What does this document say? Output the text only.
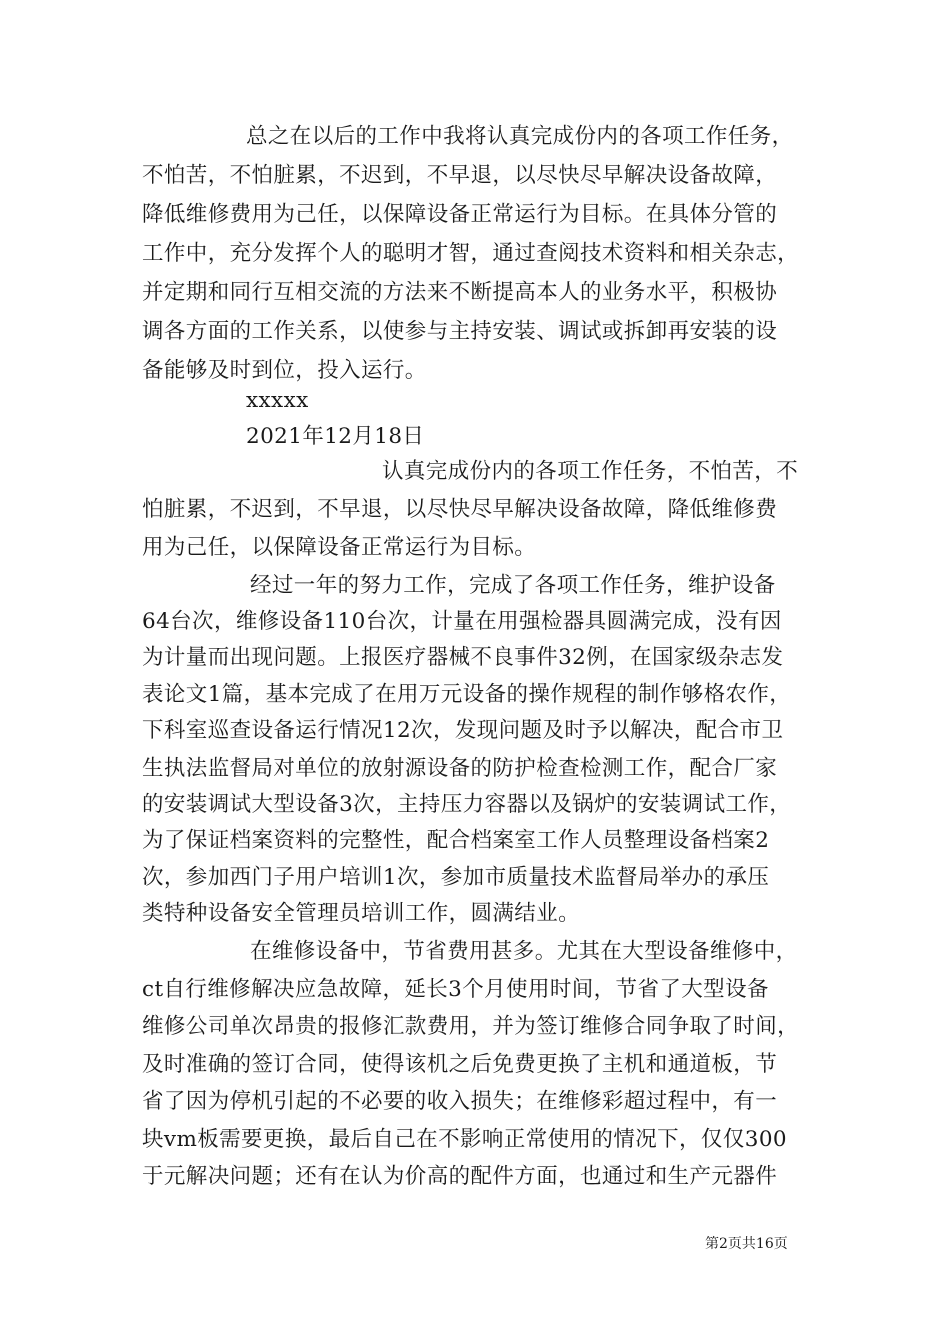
总之在以后的工作中我将认真完成份内的各项工作任务，
不怕苦，不怕脏累，不迟到，不早退，以尽快尽早解决设备故障，
降低维修费用为己任，以保障设备正常运行为目标。在具体分管的
工作中，充分发挥个人的聪明才智，通过查阅技术资料和相关杂志，
并定期和同行互相交流的方法来不断提高本人的业务水平，积极协
调各方面的工作关系，以使参与主持安装、调试或拆卸再安装的设
备能够及时到位，投入运行。
xxxxx
2021年12月18日
认真完成份内的各项工作任务，不怕苦，不
怕脏累，不迟到，不早退，以尽快尽早解决设备故障，降低维修费
用为己任，以保障设备正常运行为目标。
经过一年的努力工作，完成了各项工作任务，维护设备
64台次，维修设备110台次，计量在用强检器具圆满完成，没有因
为计量而出现问题。上报医疗器械不良事件32例，在国家级杂志发
表论文1篇，基本完成了在用万元设备的操作规程的制作够格农作，
下科室巡查设备运行情况12次，发现问题及时予以解决，配合市卫
生执法监督局对单位的放射源设备的防护检查检测工作，配合厂家
的安装调试大型设备3次，主持压力容器以及锅炉的安装调试工作，
为了保证档案资料的完整性，配合档案室工作人员整理设备档案2
次，参加西门子用户培训1次，参加市质量技术监督局举办的承压
类特种设备安全管理员培训工作，圆满结业。
在维修设备中，节省费用甚多。尤其在大型设备维修中，
ct自行维修解决应急故障，延长3个月使用时间，节省了大型设备
维修公司单次昂贵的报修汇款费用，并为签订维修合同争取了时间，
及时准确的签订合同，使得该机之后免费更换了主机和通道板，节
省了因为停机引起的不必要的收入损失；在维修彩超过程中，有一
块vm板需要更换，最后自己在不影响正常使用的情况下，仅仅300
于元解决问题；还有在认为价高的配件方面，也通过和生产元器件
第2页共16页
